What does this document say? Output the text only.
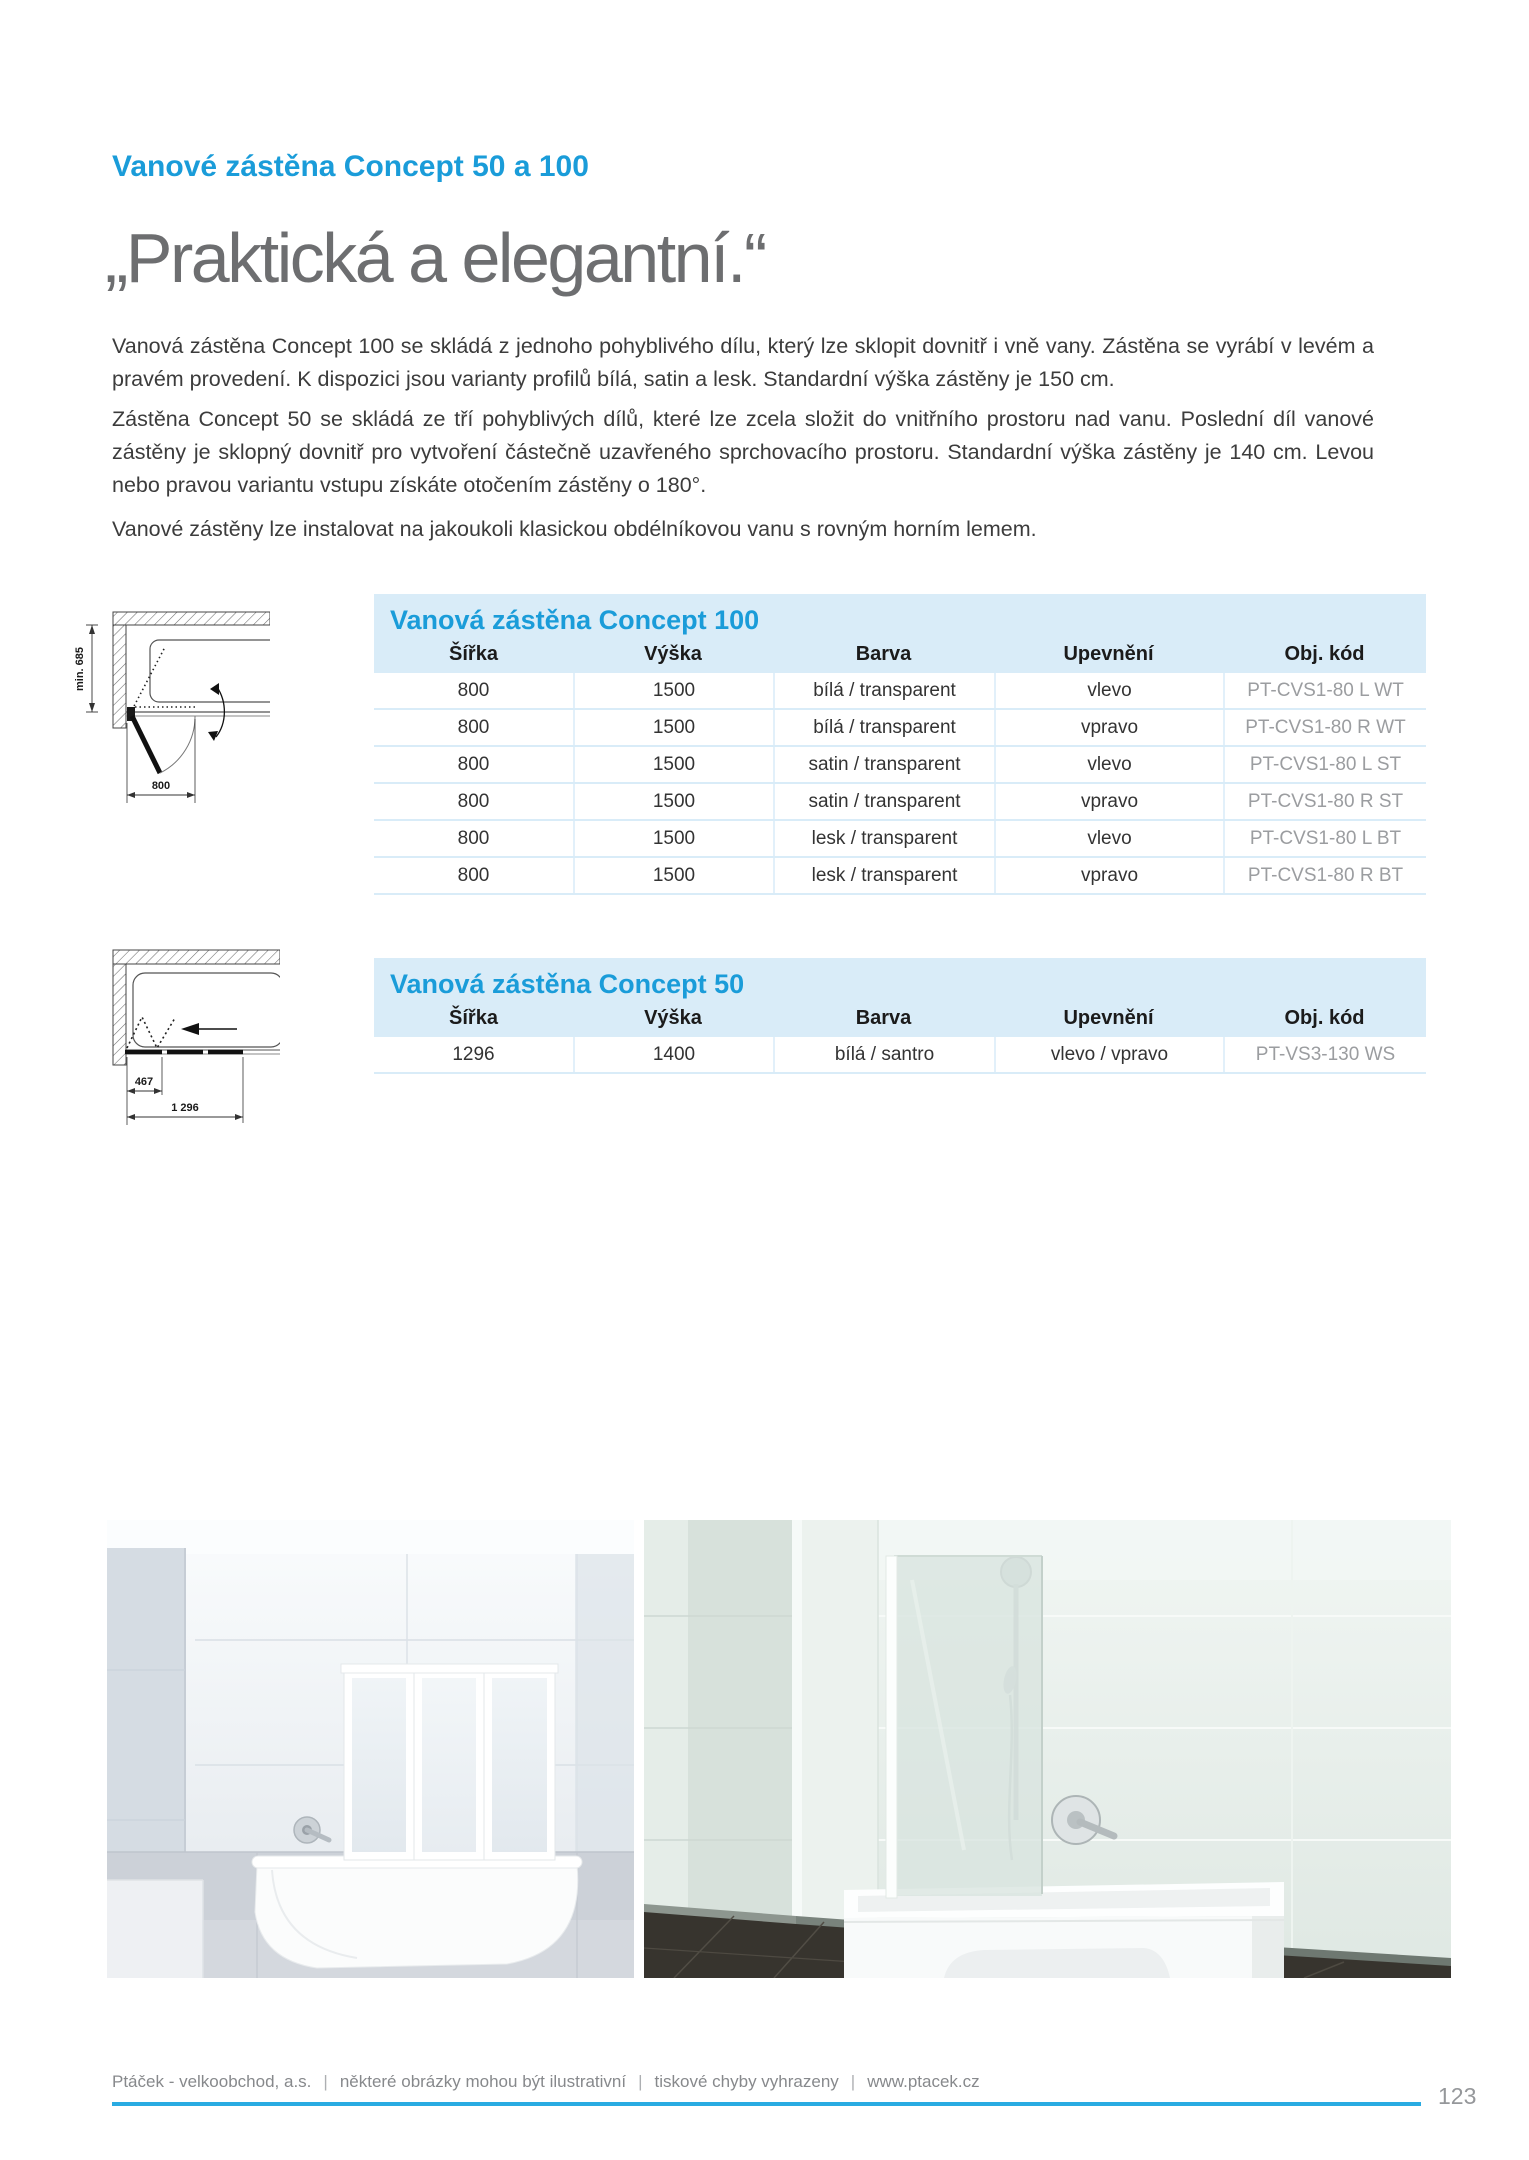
Vanové zástěna Concept 50 a 100
„Praktická a elegantní.“

Vanová zástěna Concept 100 se skládá z jednoho pohyblivého dílu, který lze sklopit dovnitř i vně vany. Zástěna se vyrábí v levém a pravém provedení. K dispozici jsou varianty profilů bílá, satin a lesk. Standardní výška zástěny je 150 cm.

Zástěna Concept 50 se skládá ze tří pohyblivých dílů, které lze zcela složit do vnitřního prostoru nad vanu. Poslední díl vanové zástěny je sklopný dovnitř pro vytvoření částečně uzavřeného sprchovacího prostoru. Standardní výška zástěny je 140 cm. Levou nebo pravou variantu vstupu získáte otočením zástěny o 180°.

Vanové zástěny lze instalovat na jakoukoli klasickou obdélníkovou vanu s rovným horním lemem.

800
min. 685
Vanová zástěna Concept 100
Šířka	Výška	Barva	Upevnění	Obj. kód
800	1500	bílá / transparent	vlevo	PT-CVS1-80 L WT
800	1500	bílá / transparent	vpravo	PT-CVS1-80 R WT
800	1500	satin / transparent	vlevo	PT-CVS1-80 L ST
800	1500	satin / transparent	vpravo	PT-CVS1-80 R ST
800	1500	lesk / transparent	vlevo	PT-CVS1-80 L BT
800	1500	lesk / transparent	vpravo	PT-CVS1-80 R BT
467
1 296
Vanová zástěna Concept 50
Šířka	Výška	Barva	Upevnění	Obj. kód
1296	1400	bílá / santro	vlevo / vpravo	PT-VS3-130 WS
Ptáček - velkoobchod, a.s. | některé obrázky mohou být ilustrativní | tiskové chyby vyhrazeny | www.ptacek.cz
123
